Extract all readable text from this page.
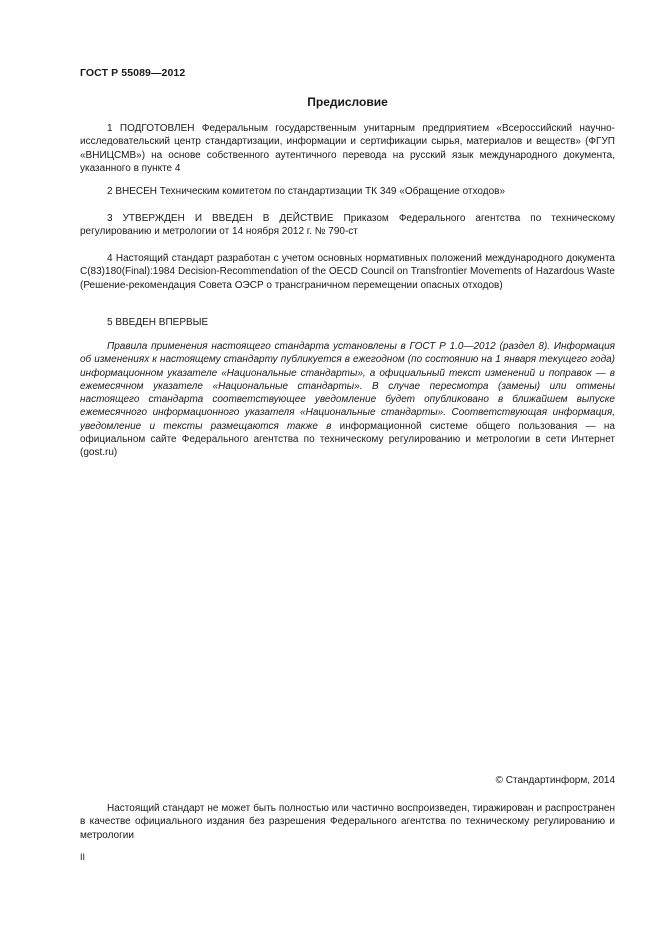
ГОСТ Р 55089—2012
Предисловие

1 ПОДГОТОВЛЕН Федеральным государственным унитарным предприятием «Всероссийский научно-исследовательский центр стандартизации, информации и сертификации сырья, материалов и веществ» (ФГУП «ВНИЦСМВ») на основе собственного аутентичного перевода на русский язык международного документа, указанного в пункте 4

2 ВНЕСЕН Техническим комитетом по стандартизации ТК 349 «Обращение отходов»

3 УТВЕРЖДЕН И ВВЕДЕН В ДЕЙСТВИЕ Приказом Федерального агентства по техническому регулированию и метрологии от 14 ноября 2012 г. № 790-ст

4 Настоящий стандарт разработан с учетом основных нормативных положений международного документа С(83)180(Final):1984 Decision-Recommendation of the OECD Council on Transfrontier Movements of Hazardous Waste (Решение-рекомендация Совета ОЭСР о трансграничном перемещении опасных отходов)

5 ВВЕДЕН ВПЕРВЫЕ

Правила применения настоящего стандарта установлены в ГОСТ Р 1.0—2012 (раздел 8). Информация об изменениях к настоящему стандарту публикуется в ежегодном (по состоянию на 1 января текущего года) информационном указателе «Национальные стандарты», а официальный текст изменений и поправок — в ежемесячном указателе «Национальные стандарты». В случае пересмотра (замены) или отмены настоящего стандарта соответствующее уведомление будет опубликовано в ближайшем выпуске ежемесячного информационного указателя «Национальные стандарты». Соответствующая информация, уведомление и тексты размещаются также в информационной системе общего пользования — на официальном сайте Федерального агентства по техническому регулированию и метрологии в сети Интернет (gost.ru)

© Стандартинформ, 2014

Настоящий стандарт не может быть полностью или частично воспроизведен, тиражирован и распространен в качестве официального издания без разрешения Федерального агентства по техническому регулированию и метрологии

II
